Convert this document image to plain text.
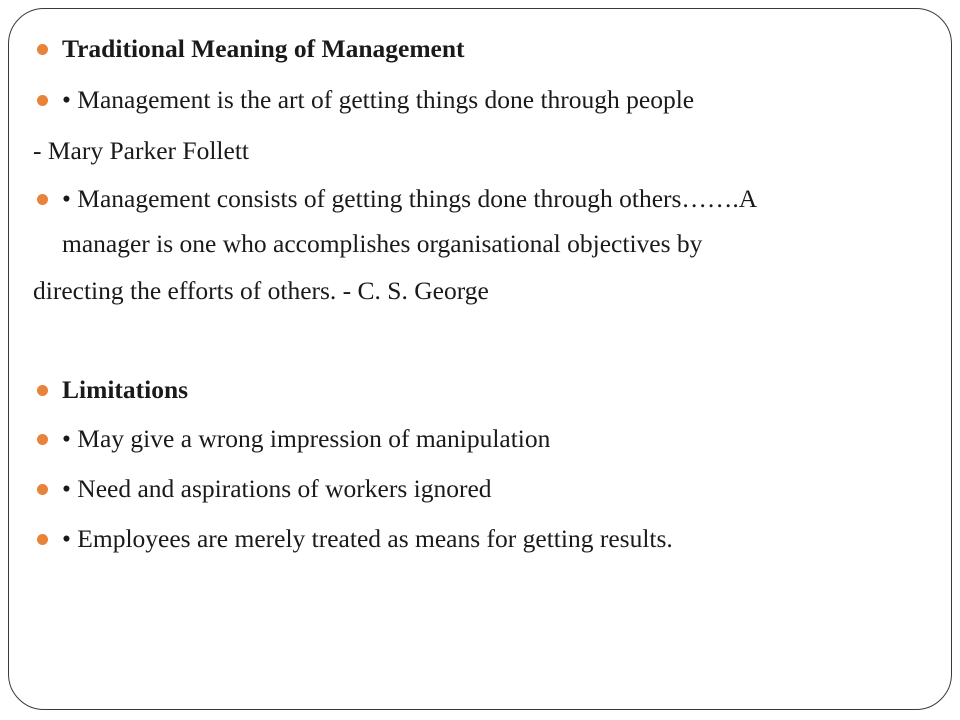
Traditional Meaning of Management
• Management is the art of getting things done through people
- Mary Parker Follett
• Management consists of getting things done through others…….A
manager is one who accomplishes organisational objectives by
directing the efforts of others. - C. S. George
Limitations
• May give a wrong impression of manipulation
• Need and aspirations of workers ignored
• Employees are merely treated as means for getting results.
